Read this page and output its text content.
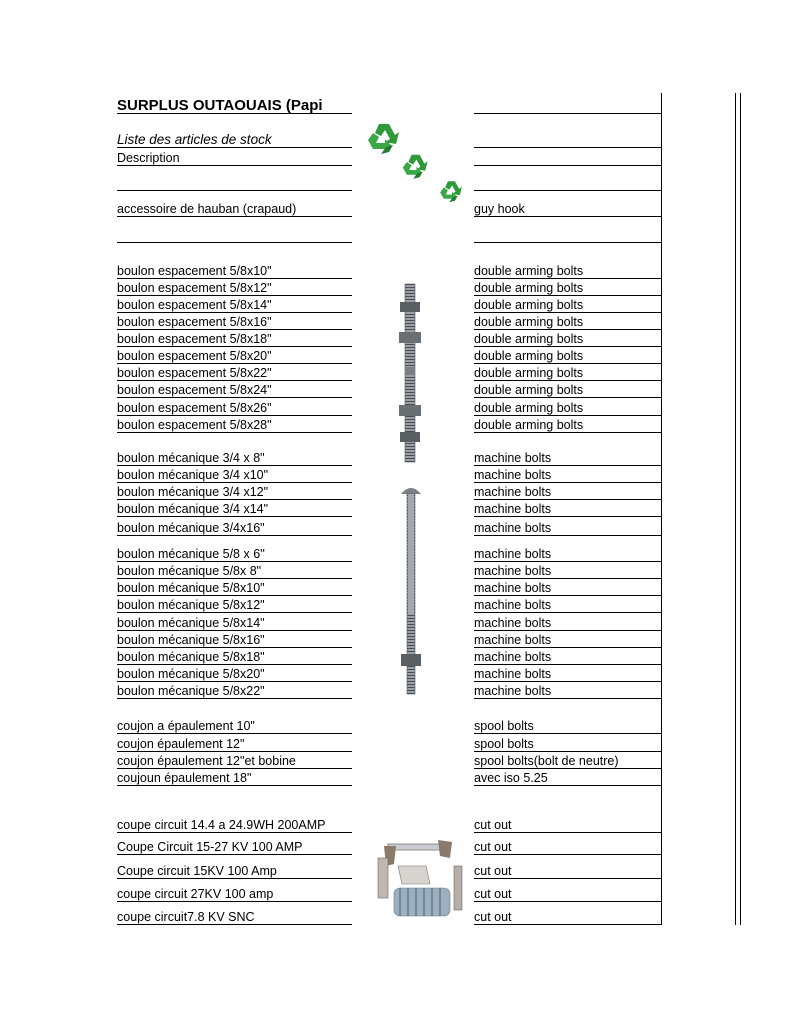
SURPLUS OUTAOUAIS (Papi
Liste des articles de stock
Description
accessoire de hauban (crapaud)	guy hook
boulon espacement 5/8x10"	double arming bolts
boulon espacement 5/8x12"	double arming bolts
boulon espacement 5/8x14"	double arming bolts
boulon espacement 5/8x16"	double arming bolts
boulon espacement 5/8x18"	double arming bolts
boulon espacement 5/8x20"	double arming bolts
boulon espacement 5/8x22"	double arming bolts
boulon espacement 5/8x24"	double arming bolts
boulon espacement 5/8x26"	double arming bolts
boulon espacement 5/8x28"	double arming bolts
boulon mécanique 3/4 x 8"	machine bolts
boulon mécanique 3/4 x10"	machine bolts
boulon mécanique 3/4 x12"	machine bolts
boulon mécanique 3/4 x14"	machine bolts
boulon mécanique 3/4x16"	machine bolts
boulon mécanique 5/8 x 6''	machine bolts
boulon mécanique 5/8x 8"	machine bolts
boulon mécanique 5/8x10"	machine bolts
boulon mécanique 5/8x12"	machine bolts
boulon mécanique 5/8x14"	machine bolts
boulon mécanique 5/8x16"	machine bolts
boulon mécanique 5/8x18"	machine bolts
boulon mécanique 5/8x20"	machine bolts
boulon mécanique 5/8x22"	machine bolts
coujon a épaulement 10"	spool bolts
coujon épaulement 12"	spool bolts
coujon épaulement 12"et bobine	spool bolts(bolt de neutre)
coujoun épaulement 18"	avec iso 5.25
coupe circuit 14.4 a 24.9WH 200AMP	cut out
Coupe Circuit 15-27 KV 100 AMP	cut out
Coupe circuit 15KV 100 Amp	cut out
coupe circuit 27KV 100 amp	cut out
coupe circuit7.8 KV SNC	cut out
